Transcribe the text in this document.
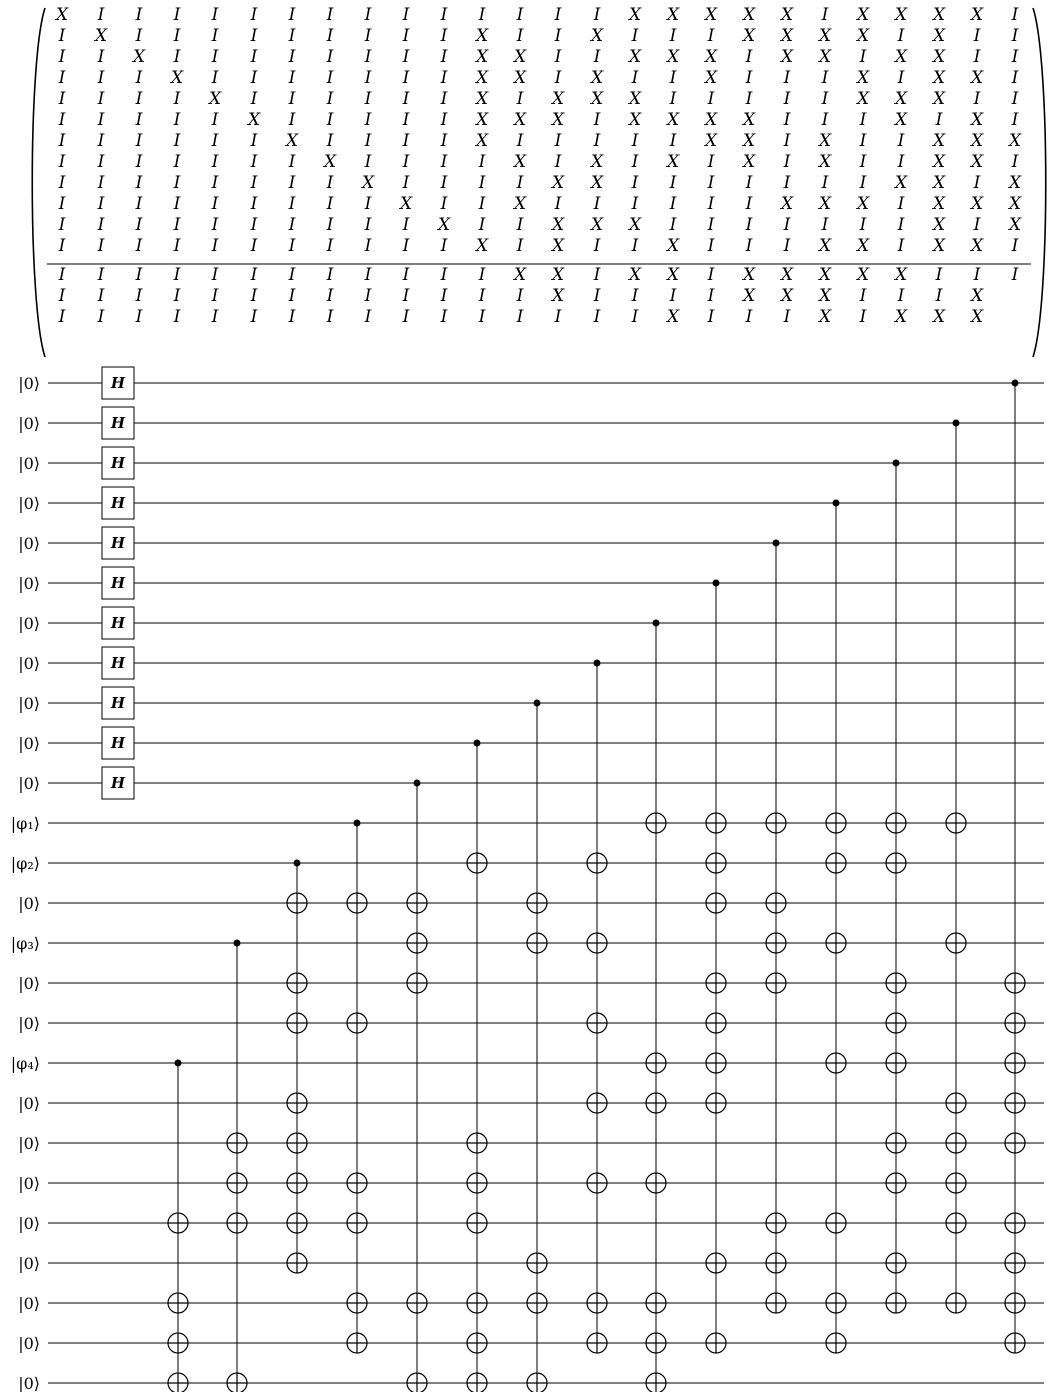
X I I I I I I I I I I I I I I X X X X X I X X X X I
I X I I I I I I I I I X I I X I I I X X X X I X I I
I I X I I I I I I I I X X I I X X X I X X I X X I I
I I I X I I I I I I I X X I X I I X I I I X I X X I
I I I I X I I I I I I X I X X X I I I I I X X X I I
I I I I I X I I I I I X X X I X X X X I I I X I X I
I I I I I I X I I I I X I I I I I X X I X I I X X X
I I I I I I I X I I I I X I X I X I X I X I I X X I
I I I I I I I I X I I I I X X I I I I I I I X X I X
I I I I I I I I I X I I X I I I I I I X X X I X X X
I I I I I I I I I I X I I X X X I I I I I I I X I X
I I I I I I I I I I I X I X I I X I I I X X I X X I
I I I I I I I I I I I I X X I X X I X X X X X I I I
I I I I I I I I I I I I I X I I I I X X X I I I X
I I I I I I I I I I I I I I I I X I I I X I X X X
|0⟩	H
|0⟩	H
|0⟩	H
|0⟩	H
|0⟩	H
|0⟩	H
|0⟩	H
|0⟩	H
|0⟩	H
|0⟩	H
|0⟩	H
|φ₁⟩
|φ₂⟩
|0⟩
|φ₃⟩
|0⟩
|0⟩
|φ₄⟩
|0⟩
|0⟩
|0⟩
|0⟩
|0⟩
|0⟩
|0⟩
|0⟩
